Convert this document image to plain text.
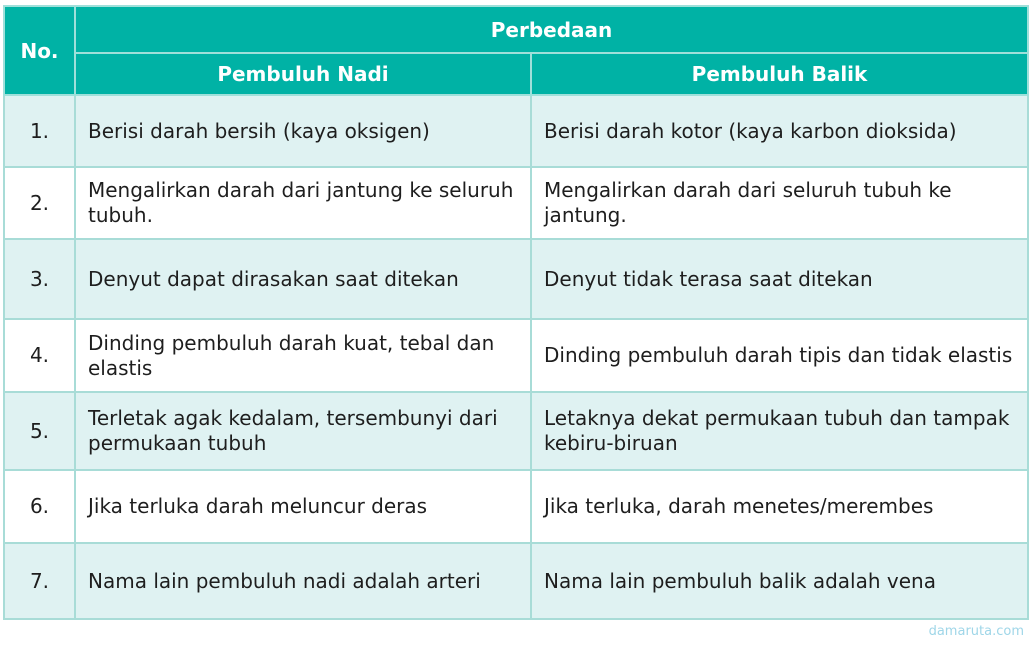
No.	Perbedaan	
	Pembuluh Nadi	Pembuluh Balik
1.	Berisi darah bersih (kaya oksigen)	Berisi darah kotor (kaya karbon dioksida)
2.	Mengalirkan darah dari jantung ke seluruh tubuh.	Mengalirkan darah dari seluruh tubuh ke jantung.
3.	Denyut dapat dirasakan saat ditekan	Denyut tidak terasa saat ditekan
4.	Dinding pembuluh darah kuat, tebal dan elastis	Dinding pembuluh darah tipis dan tidak elastis
5.	Terletak agak kedalam, tersembunyi dari permukaan tubuh	Letaknya dekat permukaan tubuh dan tampak kebiru-biruan
6.	Jika terluka darah meluncur deras	Jika terluka, darah menetes/merembes
7.	Nama lain pembuluh nadi adalah arteri	Nama lain pembuluh balik adalah vena
damaruta.com
